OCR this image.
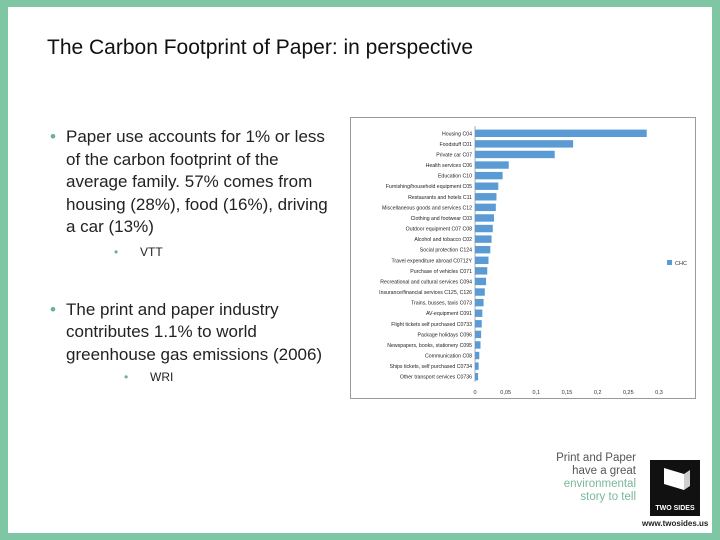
The Carbon Footprint of Paper: in perspective
• Paper use accounts for 1% or less of the carbon footprint of the average family. 57% comes from housing (28%), food (16%), driving a car (13%)
• VTT
• The print and paper industry contributes 1.1% to world greenhouse gas emissions (2006)
• WRI
Housing C04
Foodstuff C01
Private car C07
Health services C06
Education C10
Furnishing/household equipment C05
Restaurants and hotels C11
Miscellaneous goods and services C12
Clothing and footwear C03
Outdoor equipment C07 C08
Alcohol and tobacco C02
Social protection C124
Travel expenditure abroad C0712Y
Purchase of vehicles C071
Recreational and cultural services C094
Insurance/financial services C125, C126
Trains, busses, taxis C073
AV-equipment C091
Flight tickets self purchased C0733
Package holidays C096
Newspapers, books, stationery C095
Communication C08
Ships tickets, self purchased C0734
Other transport services C0736
0	0,05	0,1	0,15	0,2	0,25	0,3
CHC
Print and Paper
have a great
environmental
story to tell
TWO SIDES
www.twosides.us
